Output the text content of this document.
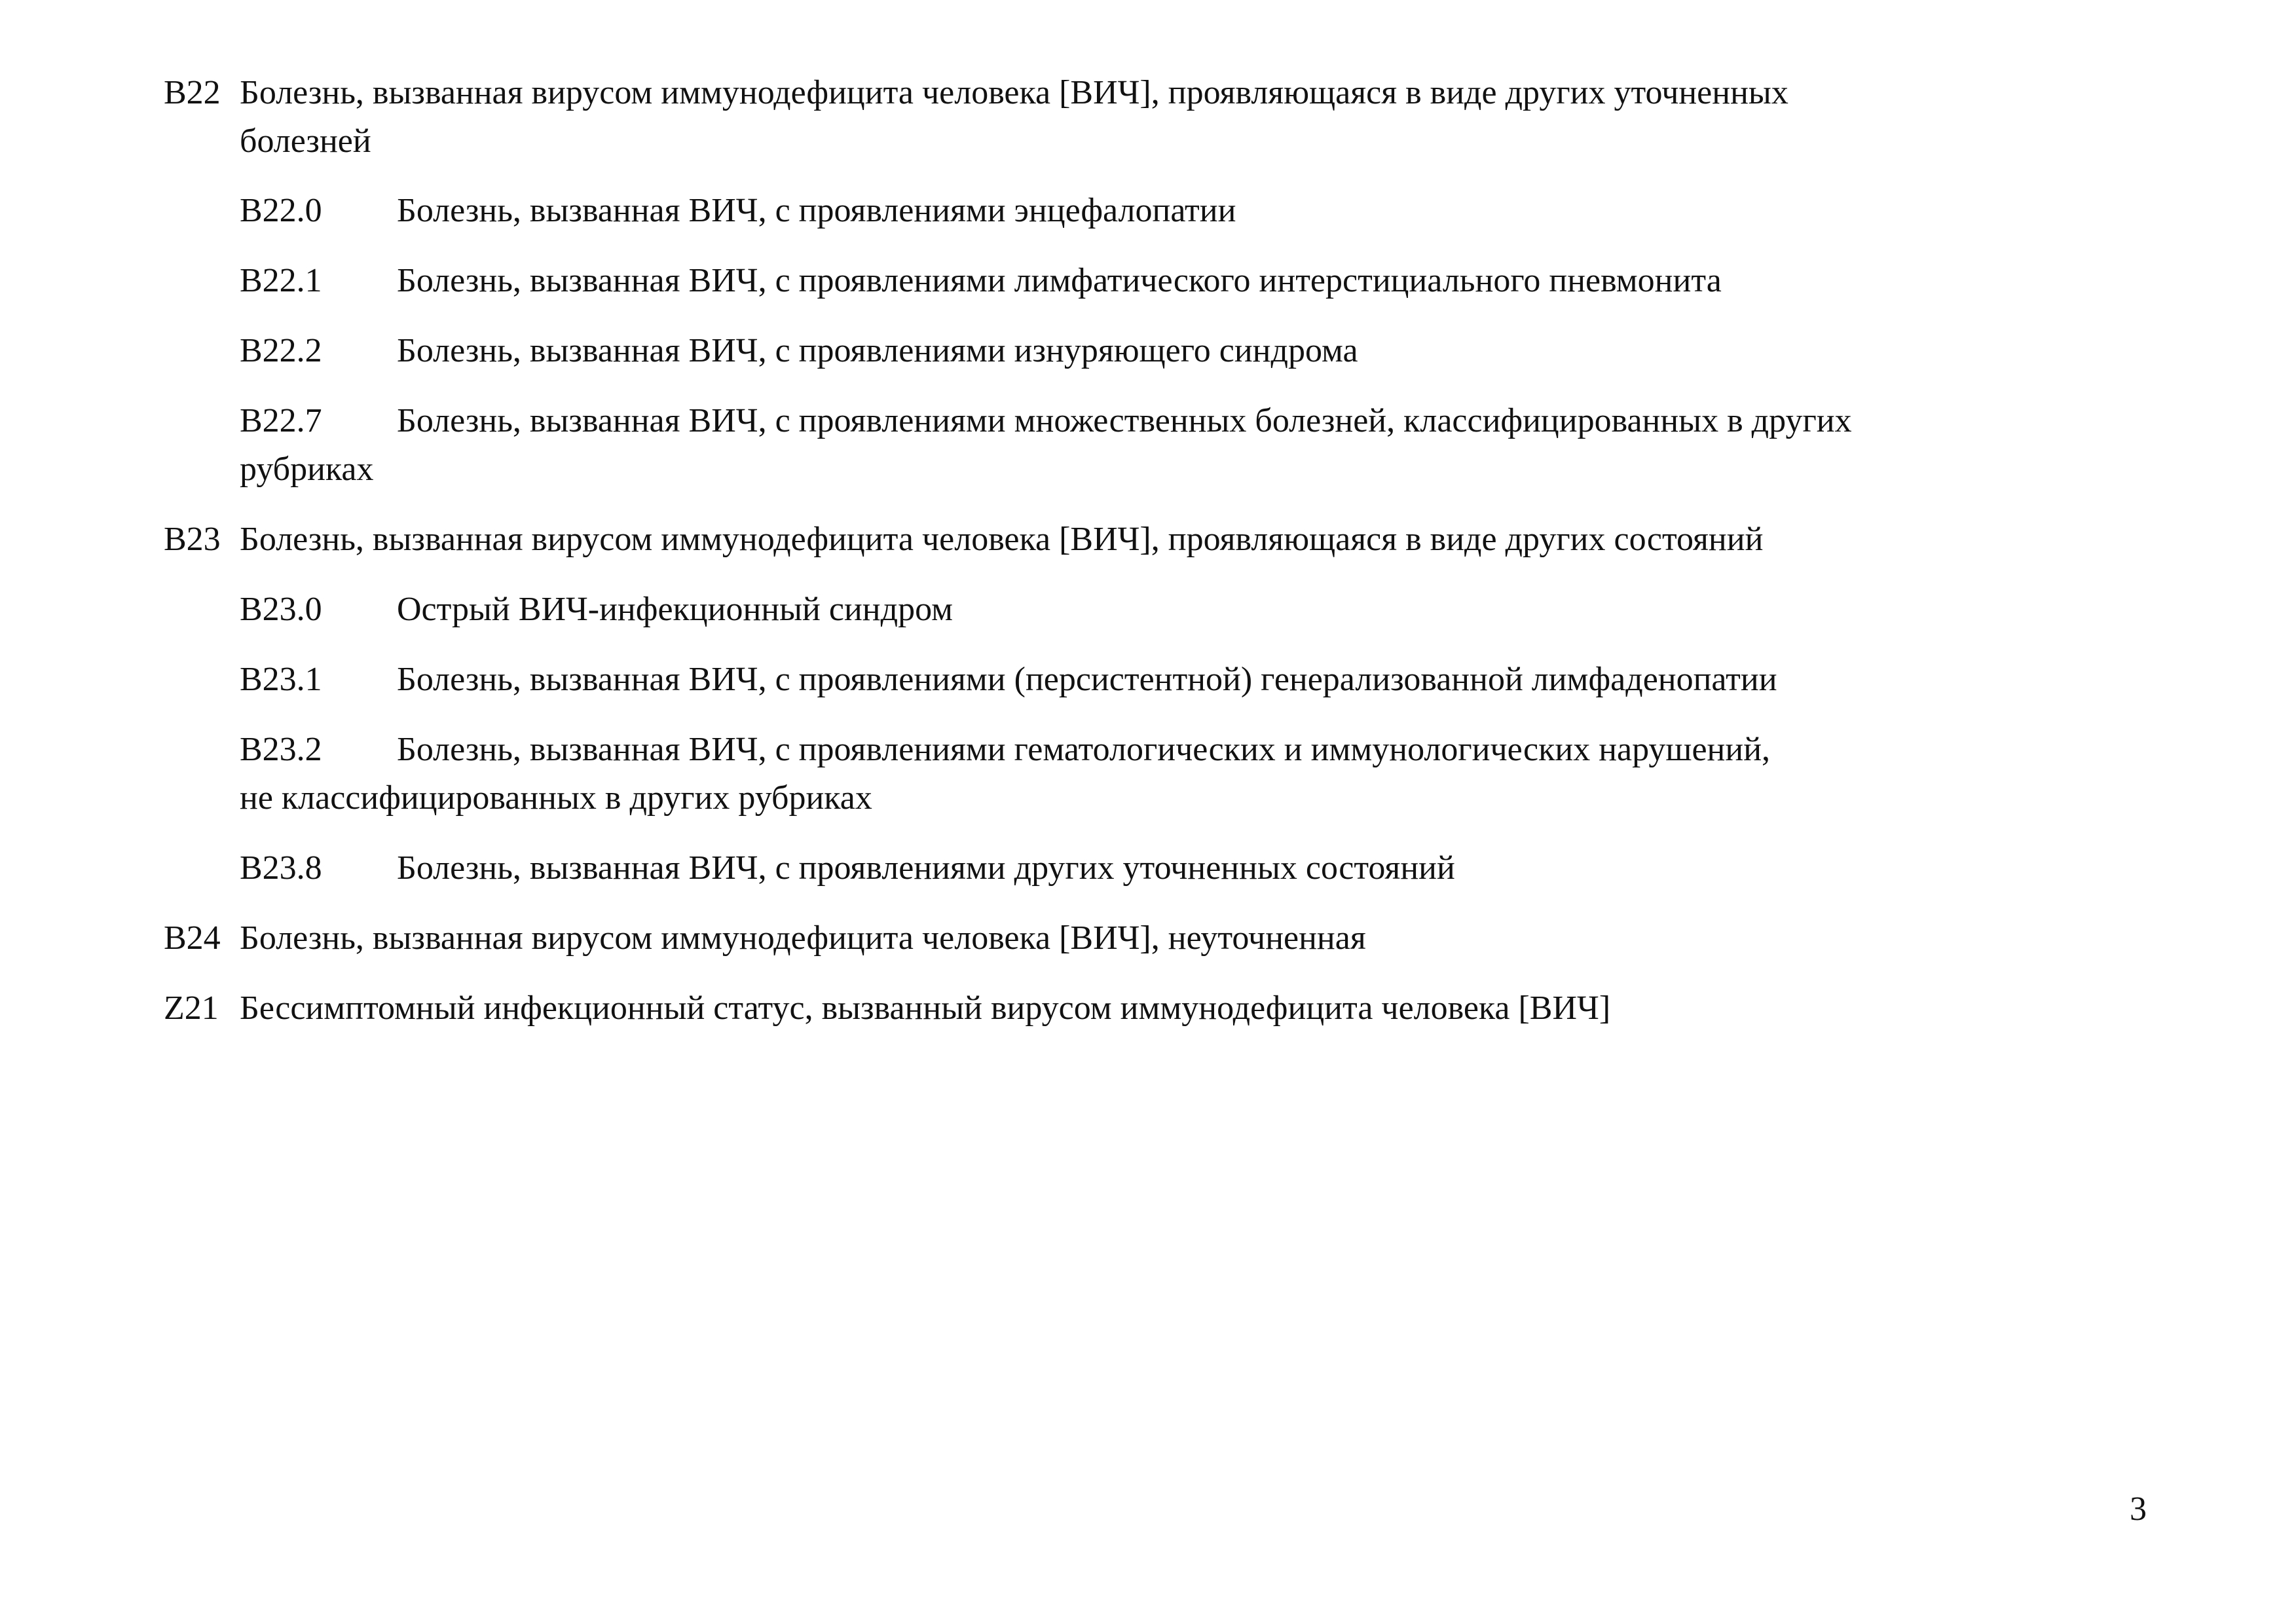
B22 Болезнь, вызванная вирусом иммунодефицита человека [ВИЧ], проявляющаяся в виде других уточненных
болезней
B22.0 Болезнь, вызванная ВИЧ, с проявлениями энцефалопатии
B22.1 Болезнь, вызванная ВИЧ, с проявлениями лимфатического интерстициального пневмонита
B22.2 Болезнь, вызванная ВИЧ, с проявлениями изнуряющего синдрома
B22.7 Болезнь, вызванная ВИЧ, с проявлениями множественных болезней, классифицированных в других
рубриках
B23 Болезнь, вызванная вирусом иммунодефицита человека [ВИЧ], проявляющаяся в виде других состояний
B23.0 Острый ВИЧ-инфекционный синдром
B23.1 Болезнь, вызванная ВИЧ, с проявлениями (персистентной) генерализованной лимфаденопатии
B23.2 Болезнь, вызванная ВИЧ, с проявлениями гематологических и иммунологических нарушений,
не классифицированных в других рубриках
B23.8 Болезнь, вызванная ВИЧ, с проявлениями других уточненных состояний
B24 Болезнь, вызванная вирусом иммунодефицита человека [ВИЧ], неуточненная
Z21 Бессимптомный инфекционный статус, вызванный вирусом иммунодефицита человека [ВИЧ]
3
